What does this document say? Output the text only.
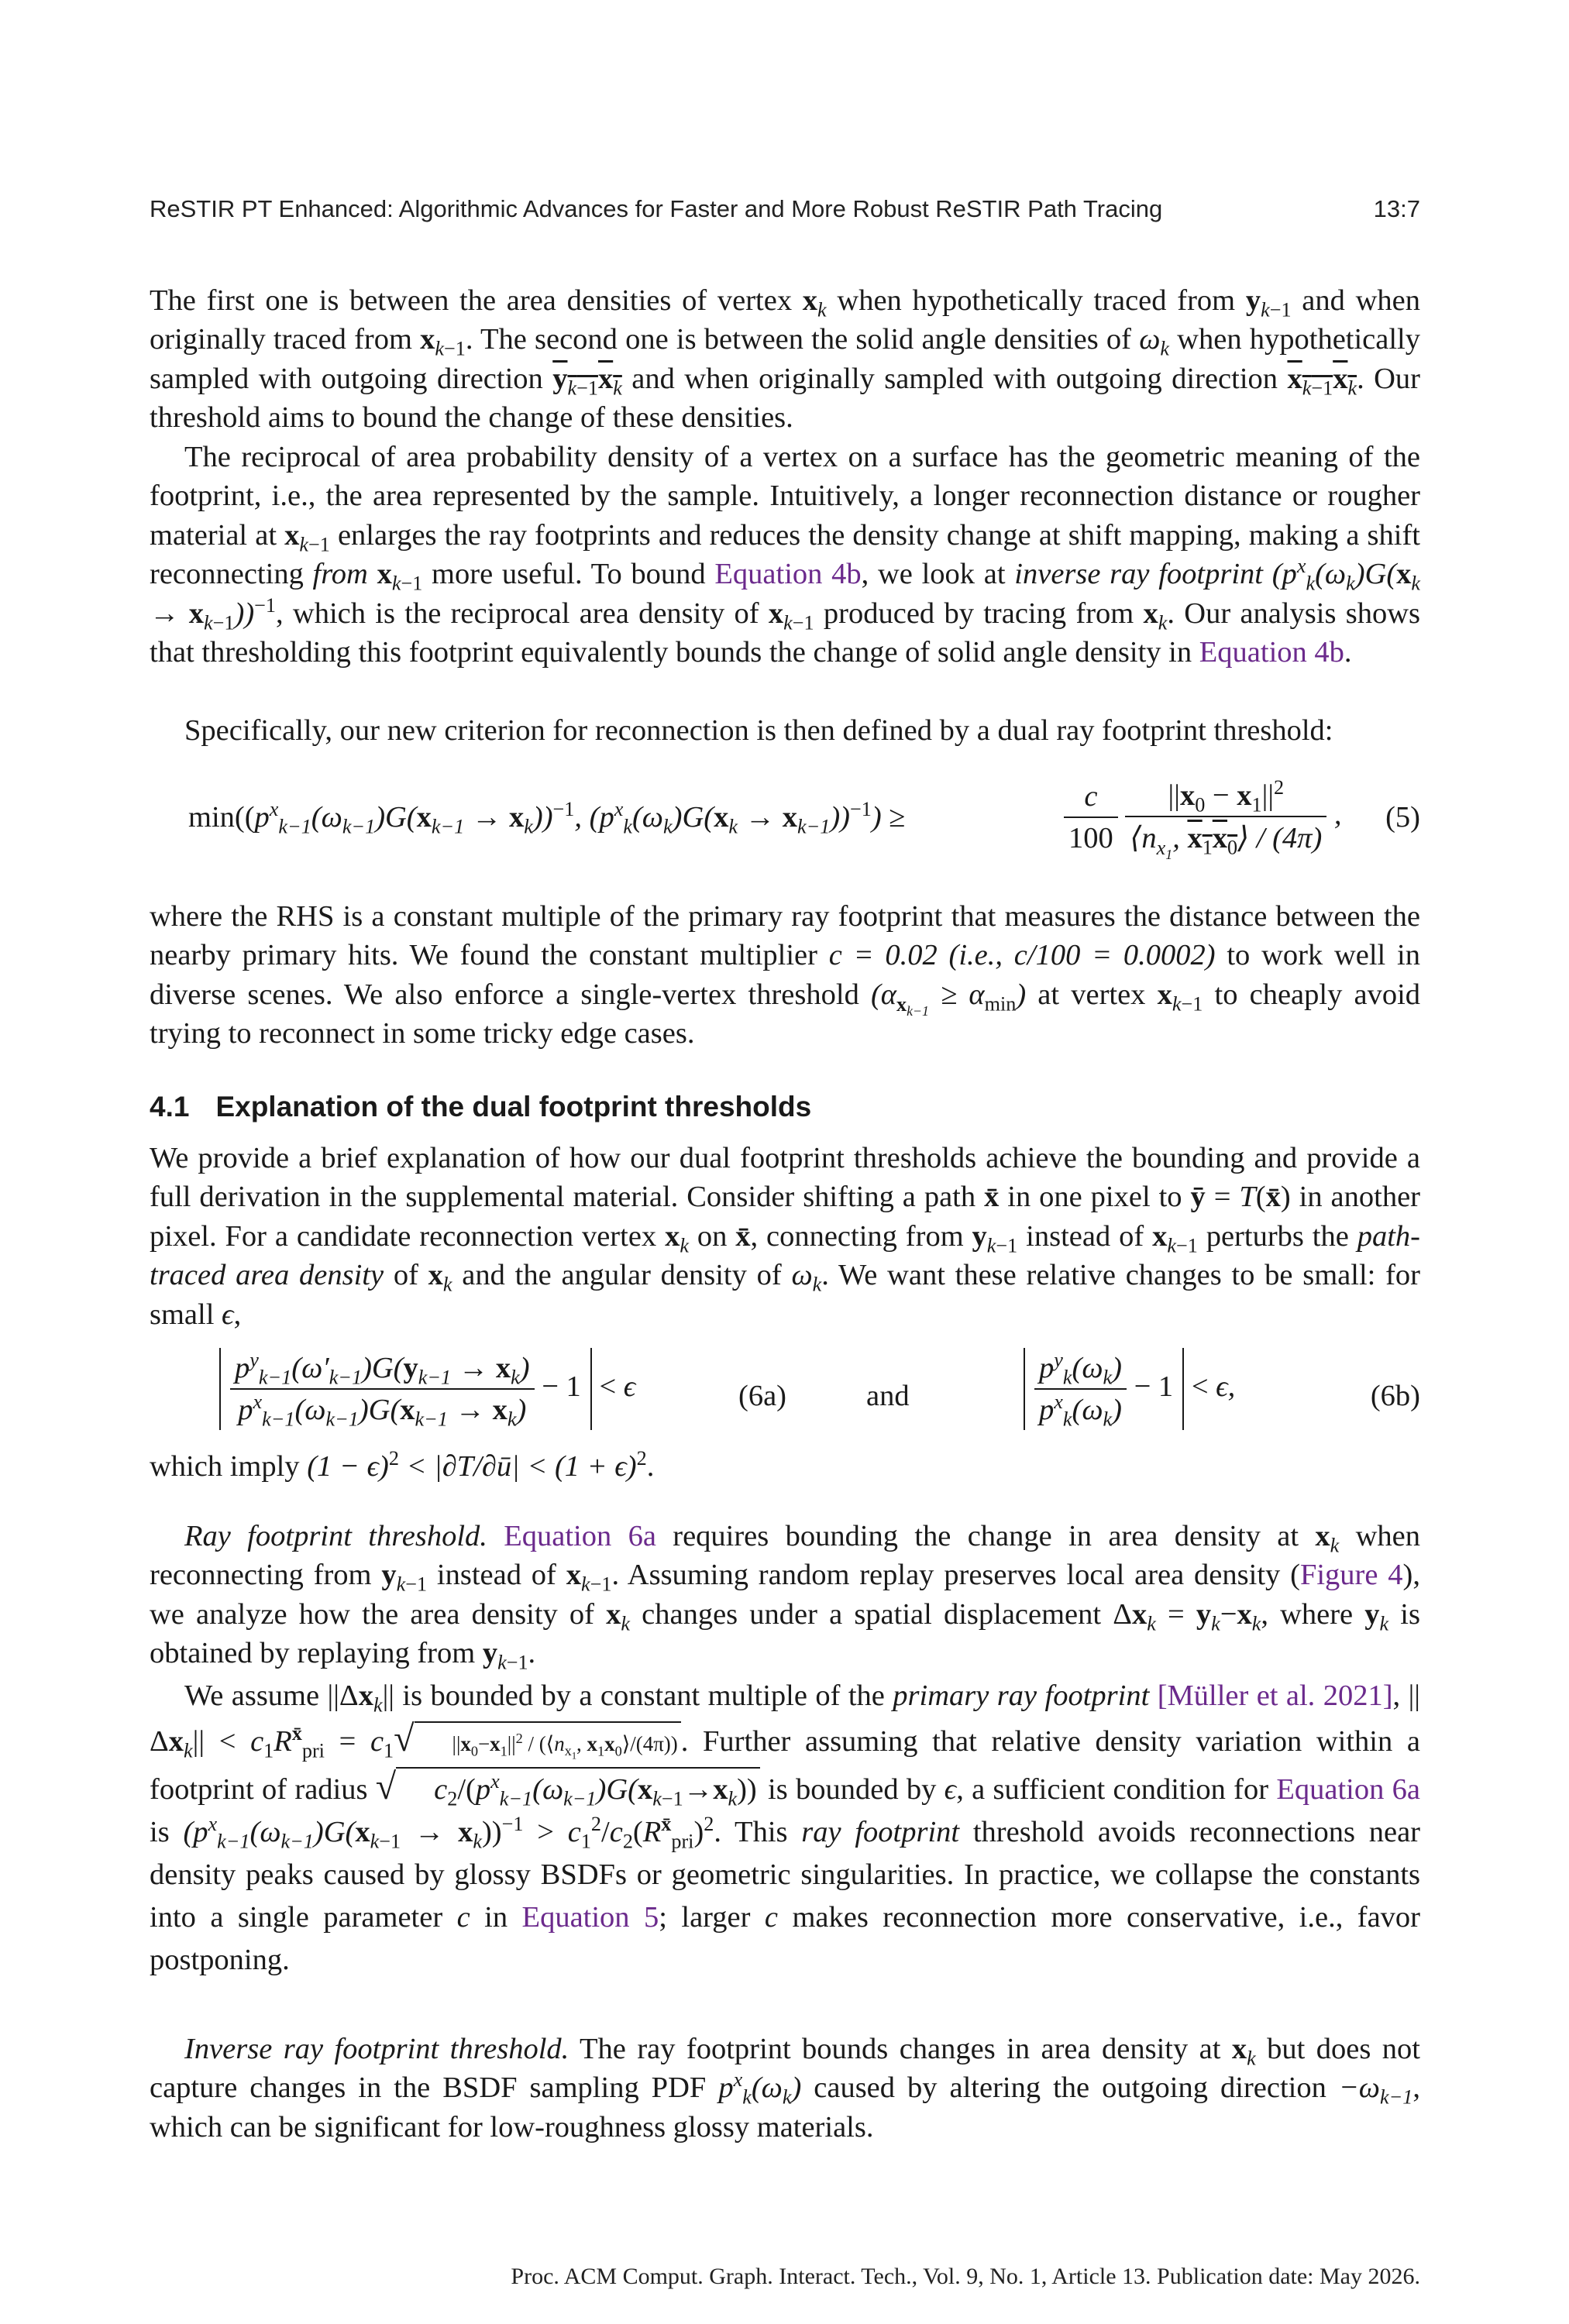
ReSTIR PT Enhanced: Algorithmic Advances for Faster and More Robust ReSTIR Path Tracing	13:7

The first one is between the area densities of vertex $x_k$ when hypothetically traced from $y_{k-1}$ and when originally traced from $x_{k-1}$. The second one is between the solid angle densities of $\omega_k$ when hypothetically sampled with outgoing direction $y_{k-1}x_k$ and when originally sampled with outgoing direction $x_{k-1}x_k$. Our threshold aims to bound the change of these densities.

The reciprocal of area probability density of a vertex on a surface has the geometric meaning of the footprint, i.e., the area represented by the sample. Intuitively, a longer reconnection distance or rougher material at $x_{k-1}$ enlarges the ray footprints and reduces the density change at shift mapping, making a shift reconnecting from $x_{k-1}$ more useful. To bound Equation 4b, we look at inverse ray footprint $(p^x_k(\omega_k)G(x_k \to x_{k-1}))^{-1}$, which is the reciprocal area density of $x_{k-1}$ produced by tracing from $x_k$. Our analysis shows that thresholding this footprint equivalently bounds the change of solid angle density in Equation 4b.

Specifically, our new criterion for reconnection is then defined by a dual ray footprint threshold:

$\min((p^x_{k-1}(\omega_{k-1})G(x_{k-1} \to x_k))^{-1}$, $(p^x_k(\omega_k)G(x_k \to x_{k-1}))^{-1}$) ≥	$\frac{c}{100}$
$\frac{||x_0 - x_1||^2}{⟨n_{x_1}, x_1x_0⟩ / (4\pi)}$ , (5)

where the RHS is a constant multiple of the primary ray footprint that measures the distance between the nearby primary hits. We found the constant multiplier c = 0.02 (i.e., c/100 = 0.0002) to work well in diverse scenes. We also enforce a single-vertex threshold $(\alpha_{x_{k-1}} \ge \alpha_{min})$ at vertex $x_{k-1}$ to cheaply avoid trying to reconnect in some tricky edge cases.

4.1 Explanation of the dual footprint thresholds

We provide a brief explanation of how our dual footprint thresholds achieve the bounding and provide a full derivation in the supplemental material. Consider shifting a path x̄ in one pixel to ȳ = T(x̄) in another pixel. For a candidate reconnection vertex $x_k$ on x̄, connecting from $y_{k-1}$ instead of $x_{k-1}$ perturbs the path-traced area density of $x_k$ and the angular density of $\omega_k$. We want these relative changes to be small: for small ϵ,

$\frac{p^y_{k-1}(\omega'_{k-1})G(y_{k-1} \to x_k)}{p^x_{k-1}(\omega_{k-1})G(x_{k-1} \to x_k)} - 1 < \epsilon$	(6a)	and	$\frac{p^y_k(\omega_k)}{p^x_k(\omega_k)} - 1 < \epsilon$,	(6b)

which imply $(1 - \epsilon)^2$ < |∂T/∂ū| < $(1 + \epsilon)^2$.

Ray footprint threshold. Equation 6a requires bounding the change in area density at $x_k$ when reconnecting from $y_{k-1}$ instead of $x_{k-1}$. Assuming random replay preserves local area density (Figure 4), we analyze how the area density of $x_k$ changes under a spatial displacement $\Delta x_k = y_k-x_k$, where $y_k$ is obtained by replaying from $y_{k-1}$.

We assume $||\Delta x_k||$ is bounded by a constant multiple of the primary ray footprint [Müller et al. 2021], $||\Delta x_k|| < c_1R^{x̄}_{pri} = c_1√$ $||x_0-x_1||^2$ / ($⟨n_{x_1}$, $x_1x_0⟩/(4\pi)$) . Further assuming that relative density variation within a footprint of radius √ $c_2/(p^x_{k-1}(\omega_{k-1})G(x_{k-1}\to x_k))$ is bounded by ϵ, a sufficient condition for Equation 6a is $(p^x_{k-1}(\omega_{k-1})G(x_{k-1} \to x_k))^{-1} > c_1^2/c_2(R^{x̄}_{pri})^2$. This ray footprint threshold avoids reconnections near density peaks caused by glossy BSDFs or geometric singularities. In practice, we collapse the constants into a single parameter c in Equation 5; larger c makes reconnection more conservative, i.e., favor postponing.

Inverse ray footprint threshold. The ray footprint bounds changes in area density at $x_k$ but does not capture changes in the BSDF sampling PDF $p^x_k(\omega_k)$ caused by altering the outgoing direction $-\omega_{k-1}$, which can be significant for low-roughness glossy materials.

Proc. ACM Comput. Graph. Interact. Tech., Vol. 9, No. 1, Article 13. Publication date: May 2026.
